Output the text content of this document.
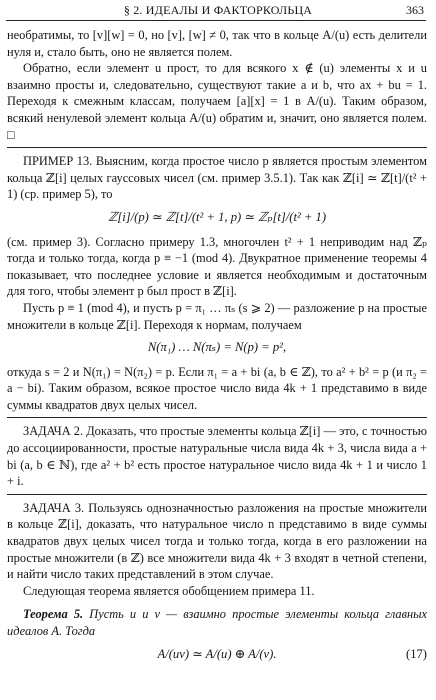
§ 2. ИДЕАЛЫ И ФАКТОРКОЛЬЦА	363

необратимы, то [v][w] = 0, но [v], [w] ≠ 0, так что в кольце A/(u) есть делители нуля и, стало быть, оно не является полем.

Обратно, если элемент u прост, то для всякого x ∉ (u) элементы x и u взаимно просты и, следовательно, существуют такие a и b, что ax + bu = 1. Переходя к смежным классам, получаем [a][x] = 1 в A/(u). Таким образом, всякий ненулевой элемент кольца A/(u) обратим и, значит, оно является полем. □

ПРИМЕР 13. Выясним, когда простое число p является простым элементом кольца ℤ[i] целых гауссовых чисел (см. пример 3.5.1). Так как ℤ[i] ≃ ℤ[t]/(t² + 1) (ср. пример 5), то

ℤ[i]/(p) ≃ ℤ[t]/(t² + 1, p) ≃ ℤₚ[t]/(t² + 1)

(см. пример 3). Согласно примеру 1.3, многочлен t² + 1 неприводим над ℤₚ тогда и только тогда, когда p ≡ −1 (mod 4). Двукратное применение теоремы 4 показывает, что последнее условие и является необходимым и достаточным для того, чтобы элемент p был прост в ℤ[i].

Пусть p ≡ 1 (mod 4), и пусть p = π₁ … πₛ (s ⩾ 2) — разложение p на простые множители в кольце ℤ[i]. Переходя к нормам, получаем

N(π₁) … N(πₛ) = N(p) = p²,

откуда s = 2 и N(π₁) = N(π₂) = p. Если π₁ = a + bi (a, b ∈ ℤ), то a² + b² = p (и π₂ = a − bi). Таким образом, всякое простое число вида 4k + 1 представимо в виде суммы квадратов двух целых чисел.

ЗАДАЧА 2. Доказать, что простые элементы кольца ℤ[i] — это, с точностью до ассоциированности, простые натуральные числа вида 4k + 3, числа вида a + bi (a, b ∈ ℕ), где a² + b² есть простое натуральное число вида 4k + 1 и число 1 + i.

ЗАДАЧА 3. Пользуясь однозначностью разложения на простые множители в кольце ℤ[i], доказать, что натуральное число n представимо в виде суммы квадратов двух целых чисел тогда и только тогда, когда в его разложении на простые множители (в ℤ) все множители вида 4k + 3 входят в четной степени, и найти число таких представлений в этом случае.

Следующая теорема является обобщением примера 11.

Теорема 5. Пусть u и v — взаимно простые элементы кольца главных идеалов A. Тогда

A/(uv) ≃ A/(u) ⊕ A/(v).	(17)
